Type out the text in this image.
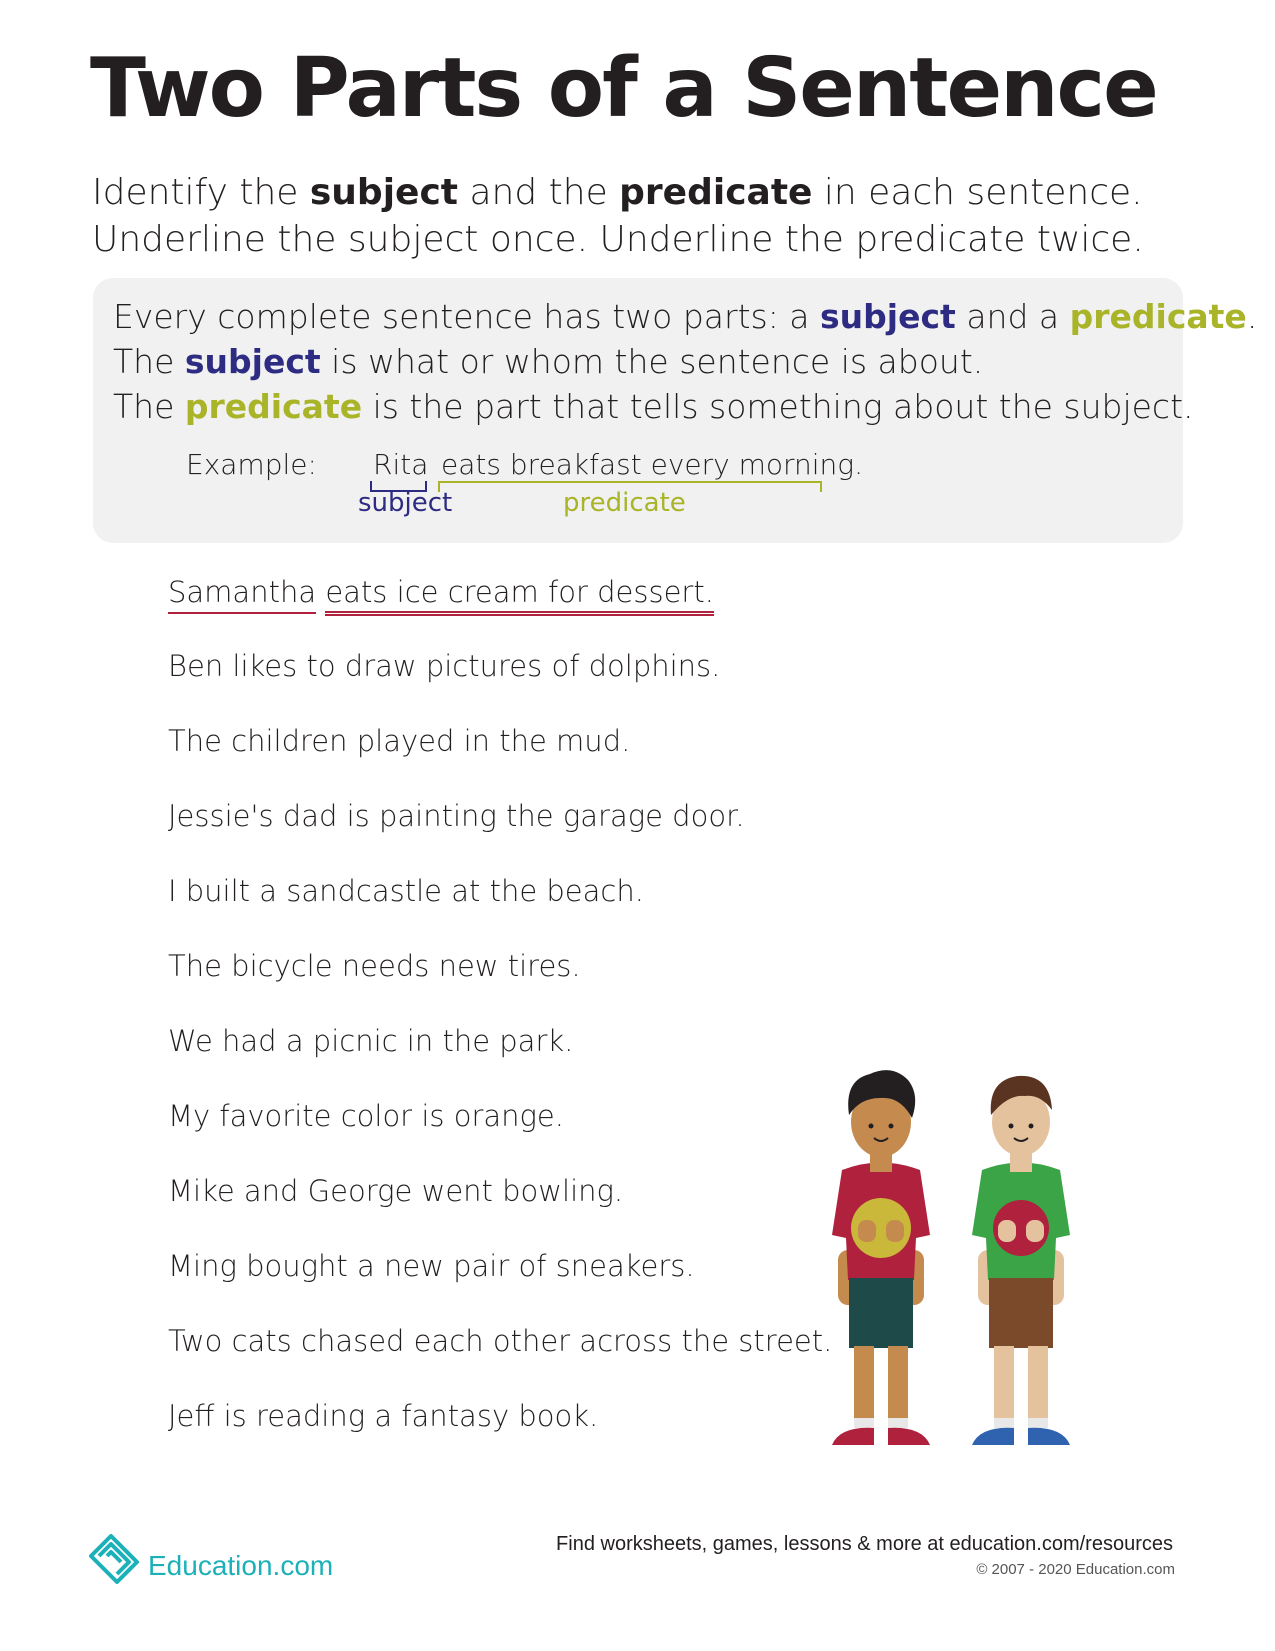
Two Parts of a Sentence
Identify the subject and the predicate in each sentence.
Underline the subject once. Underline the predicate twice.
Every complete sentence has two parts: a subject and a predicate.
The subject is what or whom the sentence is about.
The predicate is the part that tells something about the subject.
Example: Rita eats breakfast every morning.
subject	predicate
Samantha eats ice cream for dessert.
Ben likes to draw pictures of dolphins.
The children played in the mud.
Jessie's dad is painting the garage door.
I built a sandcastle at the beach.
The bicycle needs new tires.
We had a picnic in the park.
My favorite color is orange.
Mike and George went bowling.
Ming bought a new pair of sneakers.
Two cats chased each other across the street.
Jeff is reading a fantasy book.
Education.com
Find worksheets, games, lessons & more at education.com/resources
© 2007 - 2020 Education.com
